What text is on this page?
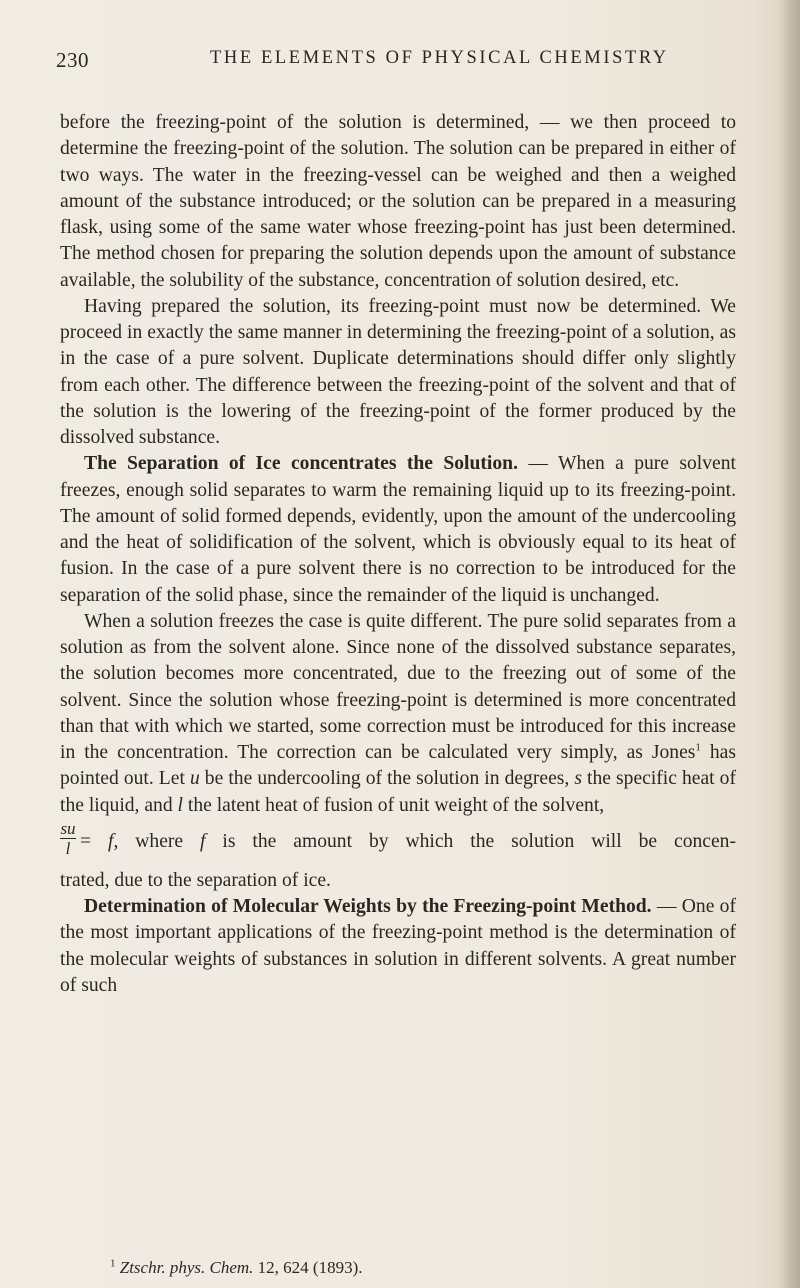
230	THE ELEMENTS OF PHYSICAL CHEMISTRY

before the freezing-point of the solution is determined, — we then proceed to determine the freezing-point of the solution. The solution can be prepared in either of two ways. The water in the freezing-vessel can be weighed and then a weighed amount of the substance introduced; or the solution can be prepared in a measuring flask, using some of the same water whose freezing-point has just been determined. The method chosen for preparing the solution depends upon the amount of substance available, the solubility of the substance, concentration of solution desired, etc.

Having prepared the solution, its freezing-point must now be determined. We proceed in exactly the same manner in determining the freezing-point of a solution, as in the case of a pure solvent. Duplicate determinations should differ only slightly from each other. The difference between the freezing-point of the solvent and that of the solution is the lowering of the freezing-point of the former produced by the dissolved substance.

The Separation of Ice concentrates the Solution. — When a pure solvent freezes, enough solid separates to warm the remaining liquid up to its freezing-point. The amount of solid formed depends, evidently, upon the amount of the undercooling and the heat of solidification of the solvent, which is obviously equal to its heat of fusion. In the case of a pure solvent there is no correction to be introduced for the separation of the solid phase, since the remainder of the liquid is unchanged.

When a solution freezes the case is quite different. The pure solid separates from a solution as from the solvent alone. Since none of the dissolved substance separates, the solution becomes more concentrated, due to the freezing out of some of the solvent. Since the solution whose freezing-point is determined is more concentrated than that with which we started, some correction must be introduced for this increase in the concentration. The correction can be calculated very simply, as Jones$^1$ has pointed out. Let u be the undercooling of the solution in degrees, s the specific heat of the liquid, and l the latent heat of fusion of unit weight of the solvent,

$\frac{su}{l} = f$, where f is the amount by which the solution will be concen-

trated, due to the separation of ice.

Determination of Molecular Weights by the Freezing-point Method. — One of the most important applications of the freezing-point method is the determination of the molecular weights of substances in solution in different solvents. A great number of such

$^1$ Ztschr. phys. Chem. 12, 624 (1893).
